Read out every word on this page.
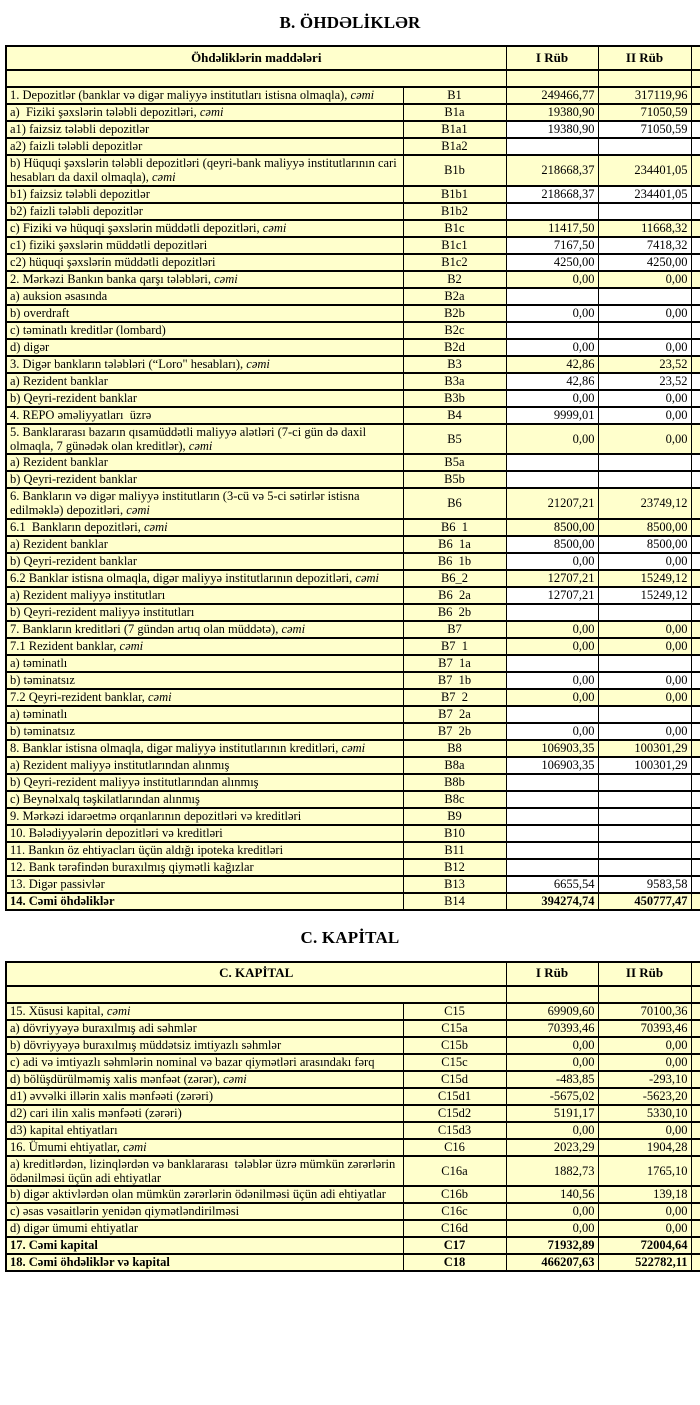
B. ÖHDƏLİKLƏR
Öhdəliklərin maddələri		I Rüb	II Rüb	

1. Depozitlər (banklar və digər maliyyə institutları istisna olmaqla), cəmi	B1	249466,77	317119,96	
a)  Fiziki şəxslərin tələbli depozitləri, cəmi	B1a	19380,90	71050,59	
a1) faizsiz tələbli depozitlər	B1a1	19380,90	71050,59	
a2) faizli tələbli depozitlər	B1a2			
b) Hüquqi şəxslərin tələbli depozitləri (qeyri-bank maliyyə institutlarının cari hesabları da daxil olmaqla), cəmi	B1b	218668,37	234401,05	
b1) faizsiz tələbli depozitlər	B1b1	218668,37	234401,05	
b2) faizli tələbli depozitlər	B1b2			
c) Fiziki və hüquqi şəxslərin müddətli depozitləri, cəmi	B1c	11417,50	11668,32	
c1) fiziki şəxslərin müddətli depozitləri	B1c1	7167,50	7418,32	
c2) hüquqi şəxslərin müddətli depozitləri	B1c2	4250,00	4250,00	
2. Mərkəzi Bankın banka qarşı tələbləri, cəmi	B2	0,00	0,00	
a) auksion əsasında	B2a			
b) overdraft	B2b	0,00	0,00	
c) təminatlı kreditlər (lombard)	B2c			
d) digər	B2d	0,00	0,00	
3. Digər bankların tələbləri (“Loro" hesabları), cəmi	B3	42,86	23,52	
a) Rezident banklar	B3a	42,86	23,52	
b) Qeyri-rezident banklar	B3b	0,00	0,00	
4. REPO əməliyyatları  üzrə	B4	9999,01	0,00	
5. Banklararası bazarın qısamüddətli maliyyə alətləri (7-ci gün də daxil olmaqla, 7 günədək olan kreditlər), cəmi	B5	0,00	0,00	
a) Rezident banklar	B5a			
b) Qeyri-rezident banklar	B5b			
6. Bankların və digər maliyyə institutların (3-cü və 5-ci sətirlər istisna edilməklə) depozitləri, cəmi	B6	21207,21	23749,12	
6.1  Bankların depozitləri, cəmi	B6  1	8500,00	8500,00	
a) Rezident banklar	B6  1a	8500,00	8500,00	
b) Qeyri-rezident banklar	B6  1b	0,00	0,00	
6.2 Banklar istisna olmaqla, digər maliyyə institutlarının depozitləri, cəmi	B6_2	12707,21	15249,12	
a) Rezident maliyyə institutları	B6  2a	12707,21	15249,12	
b) Qeyri-rezident maliyyə institutları	B6  2b			
7. Bankların kreditləri (7 gündən artıq olan müddətə), cəmi	B7	0,00	0,00	
7.1 Rezident banklar, cəmi	B7  1	0,00	0,00	
a) təminatlı	B7  1a			
b) təminatsız	B7  1b	0,00	0,00	
7.2 Qeyri-rezident banklar, cəmi	B7  2	0,00	0,00	
a) təminatlı	B7  2a			
b) təminatsız	B7  2b	0,00	0,00	
8. Banklar istisna olmaqla, digər maliyyə institutlarının kreditləri, cəmi	B8	106903,35	100301,29	
a) Rezident maliyyə institutlarından alınmış	B8a	106903,35	100301,29	
b) Qeyri-rezident maliyyə institutlarından alınmış	B8b			
c) Beynəlxalq təşkilatlarından alınmış	B8c			
9. Mərkəzi idarəetmə orqanlarının depozitləri və kreditləri	B9			
10. Bələdiyyələrin depozitləri və kreditləri	B10			
11. Bankın öz ehtiyacları üçün aldığı ipoteka kreditləri	B11			
12. Bank tərəfindən buraxılmış qiymətli kağızlar	B12			
13. Digər passivlər	B13	6655,54	9583,58	
14. Cəmi öhdəliklər	B14	394274,74	450777,47	
C. KAPİTAL
C. KAPİTAL		I Rüb	II Rüb	

15. Xüsusi kapital, cəmi	C15	69909,60	70100,36	
a) dövriyyəyə buraxılmış adi səhmlər	C15a	70393,46	70393,46	
b) dövriyyəyə buraxılmış müddətsiz imtiyazlı səhmlər	C15b	0,00	0,00	
c) adi və imtiyazlı səhmlərin nominal və bazar qiymətləri arasındakı fərq	C15c	0,00	0,00	
d) bölüşdürülməmiş xalis mənfəət (zərər), cəmi	C15d	-483,85	-293,10	
d1) əvvəlki illərin xalis mənfəəti (zərəri)	C15d1	-5675,02	-5623,20	
d2) cari ilin xalis mənfəəti (zərəri)	C15d2	5191,17	5330,10	
d3) kapital ehtiyatları	C15d3	0,00	0,00	
16. Ümumi ehtiyatlar, cəmi	C16	2023,29	1904,28	
a) kreditlərdən, lizinqlərdən və banklararası  tələblər üzrə mümkün zərərlərin ödənilməsi üçün adi ehtiyatlar	C16a	1882,73	1765,10	
b) digər aktivlərdən olan mümkün zərərlərin ödənilməsi üçün adi ehtiyatlar	C16b	140,56	139,18	
c) əsas vəsaitlərin yenidən qiymətləndirilməsi	C16c	0,00	0,00	
d) digər ümumi ehtiyatlar	C16d	0,00	0,00	
17. Cəmi kapital	C17	71932,89	72004,64	
18. Cəmi öhdəliklər və kapital	C18	466207,63	522782,11	
